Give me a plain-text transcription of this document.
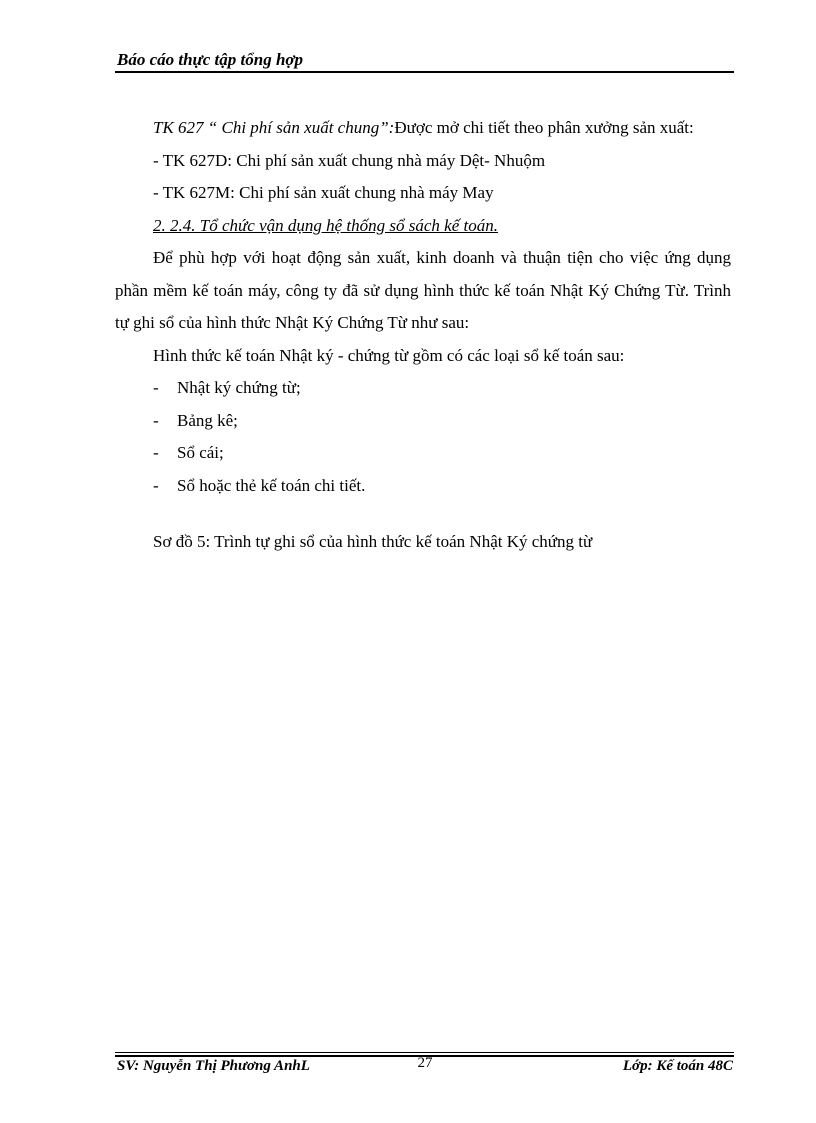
Báo cáo thực tập tổng hợp

TK 627 “ Chi phí sản xuất chung”:Được mở chi tiết theo phân xưởng sản xuất:

- TK 627D: Chi phí sản xuất chung nhà máy Dệt- Nhuộm

- TK 627M: Chi phí sản xuất chung nhà máy May

2. 2.4. Tổ chức vận dụng hệ thống sổ sách kế toán.

Để phù hợp với hoạt động sản xuất, kinh doanh và thuận tiện cho việc ứng dụng phần mềm kế toán máy, công ty đã sử dụng hình thức kế toán Nhật Ký Chứng Từ. Trình tự ghi sổ của hình thức Nhật Ký Chứng Từ như sau:

Hình thức kế toán Nhật ký - chứng từ gồm có các loại sổ kế toán sau:

-	Nhật ký chứng từ;
-	Bảng kê;
-	Sổ cái;
-	Sổ hoặc thẻ kế toán chi tiết.

Sơ đồ 5: Trình tự ghi sổ của hình thức kế toán Nhật Ký chứng từ

SV: Nguyễn Thị Phương AnhL	27	Lớp: Kế toán 48C
